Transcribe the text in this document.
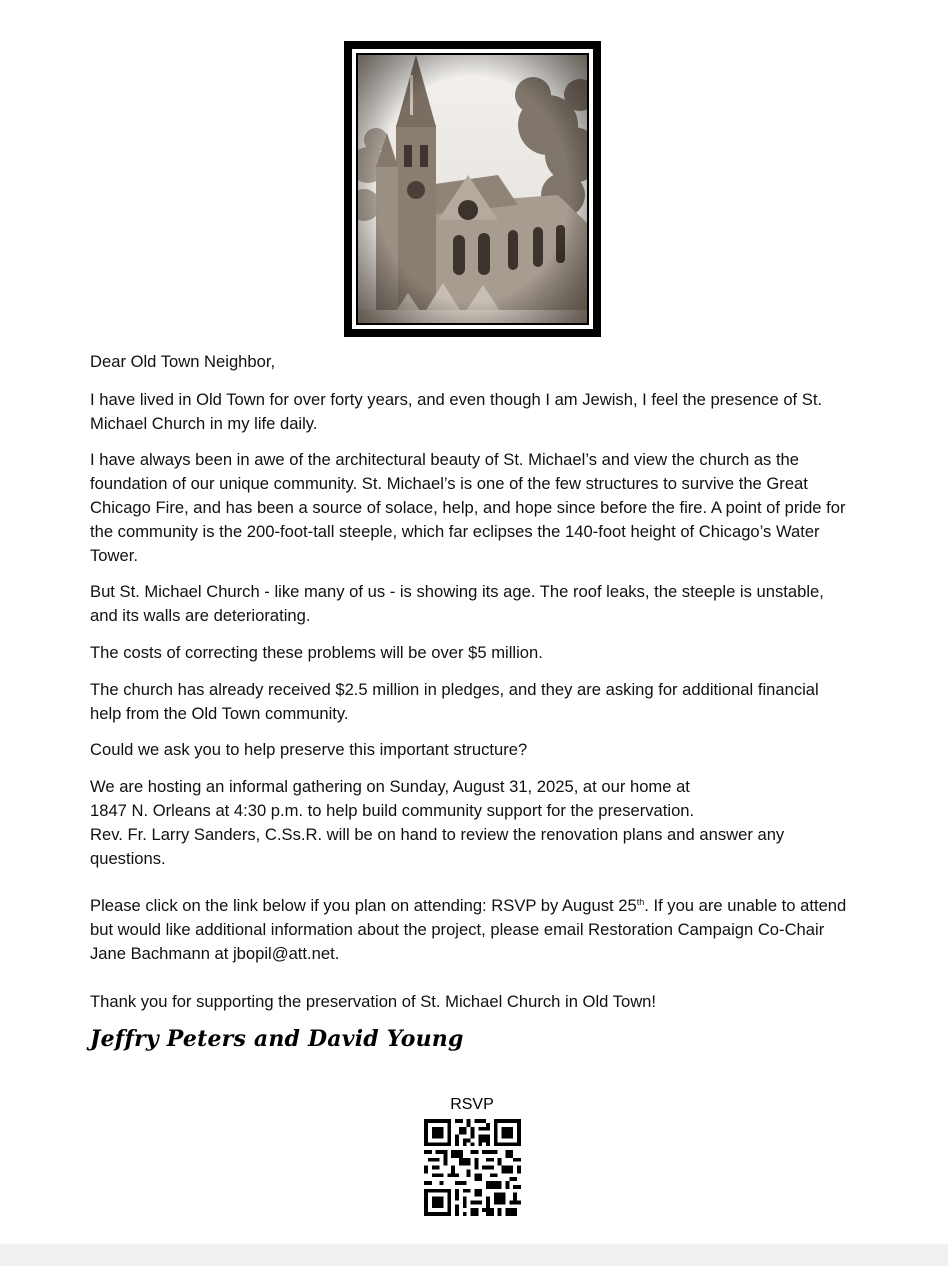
Dear Old Town Neighbor,

I have lived in Old Town for over forty years, and even though I am Jewish, I feel the presence of St. Michael Church in my life daily.

I have always been in awe of the architectural beauty of St. Michael’s and view the church as the foundation of our unique community. St. Michael’s is one of the few structures to survive the Great Chicago Fire, and has been a source of solace, help, and hope since before the fire. A point of pride for the community is the 200-foot-tall steeple, which far eclipses the 140-foot height of Chicago’s Water Tower.

But St. Michael Church - like many of us - is showing its age. The roof leaks, the steeple is unstable, and its walls are deteriorating.

The costs of correcting these problems will be over $5 million.

The church has already received $2.5 million in pledges, and they are asking for additional financial help from the Old Town community.

Could we ask you to help preserve this important structure?

We are hosting an informal gathering on Sunday, August 31, 2025, at our home at
1847 N. Orleans at 4:30 p.m. to help build community support for the preservation.
Rev. Fr. Larry Sanders, C.Ss.R. will be on hand to review the renovation plans and answer any questions.

Please click on the link below if you plan on attending: RSVP by August 25th. If you are unable to attend but would like additional information about the project, please email Restoration Campaign Co-Chair Jane Bachmann at jbopil@att.net.

Thank you for supporting the preservation of St. Michael Church in Old Town!

Jeffry Peters and David Young
RSVP
